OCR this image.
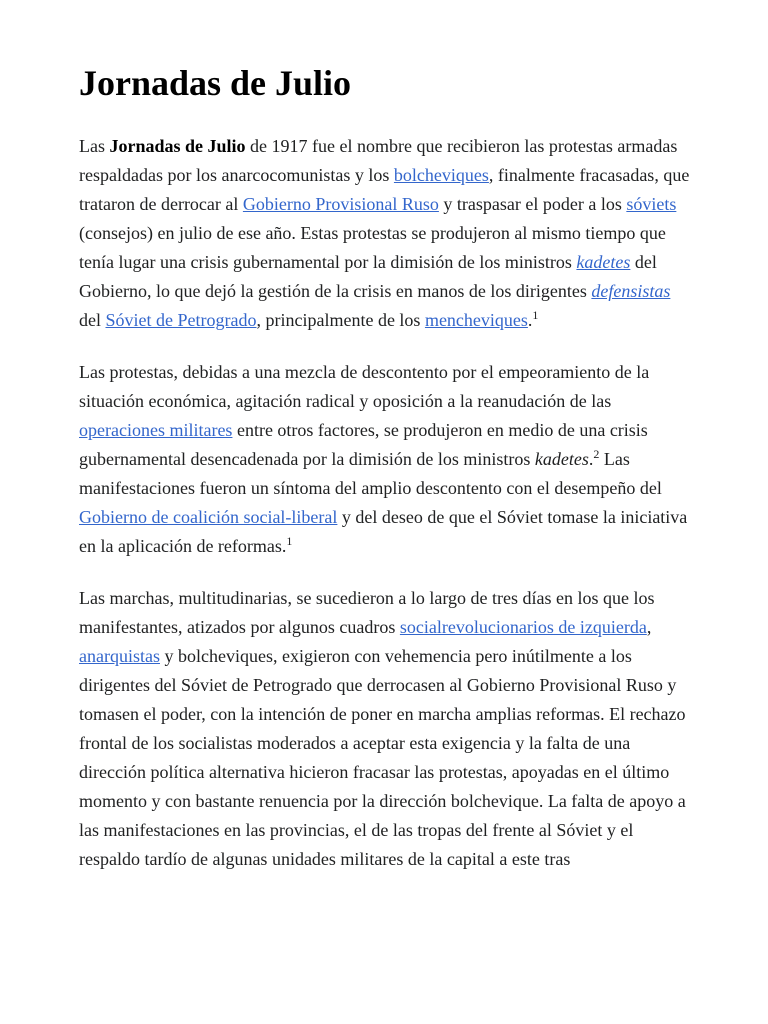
Jornadas de Julio

Las Jornadas de Julio de 1917 fue el nombre que recibieron las protestas armadas respaldadas por los anarcocomunistas y los bolcheviques, finalmente fracasadas, que trataron de derrocar al Gobierno Provisional Ruso y traspasar el poder a los sóviets (consejos) en julio de ese año. Estas protestas se produjeron al mismo tiempo que tenía lugar una crisis gubernamental por la dimisión de los ministros kadetes del Gobierno, lo que dejó la gestión de la crisis en manos de los dirigentes defensistas del Sóviet de Petrogrado, principalmente de los mencheviques.$^1$

Las protestas, debidas a una mezcla de descontento por el empeoramiento de la situación económica, agitación radical y oposición a la reanudación de las operaciones militares entre otros factores, se produjeron en medio de una crisis gubernamental desencadenada por la dimisión de los ministros kadetes.$^2$ Las manifestaciones fueron un síntoma del amplio descontento con el desempeño del Gobierno de coalición social-liberal y del deseo de que el Sóviet tomase la iniciativa en la aplicación de reformas.$^1$

Las marchas, multitudinarias, se sucedieron a lo largo de tres días en los que los manifestantes, atizados por algunos cuadros socialrevolucionarios de izquierda, anarquistas y bolcheviques, exigieron con vehemencia pero inútilmente a los dirigentes del Sóviet de Petrogrado que derrocasen al Gobierno Provisional Ruso y tomasen el poder, con la intención de poner en marcha amplias reformas. El rechazo frontal de los socialistas moderados a aceptar esta exigencia y la falta de una dirección política alternativa hicieron fracasar las protestas, apoyadas en el último momento y con bastante renuencia por la dirección bolchevique. La falta de apoyo a las manifestaciones en las provincias, el de las tropas del frente al Sóviet y el respaldo tardío de algunas unidades militares de la capital a este tras
